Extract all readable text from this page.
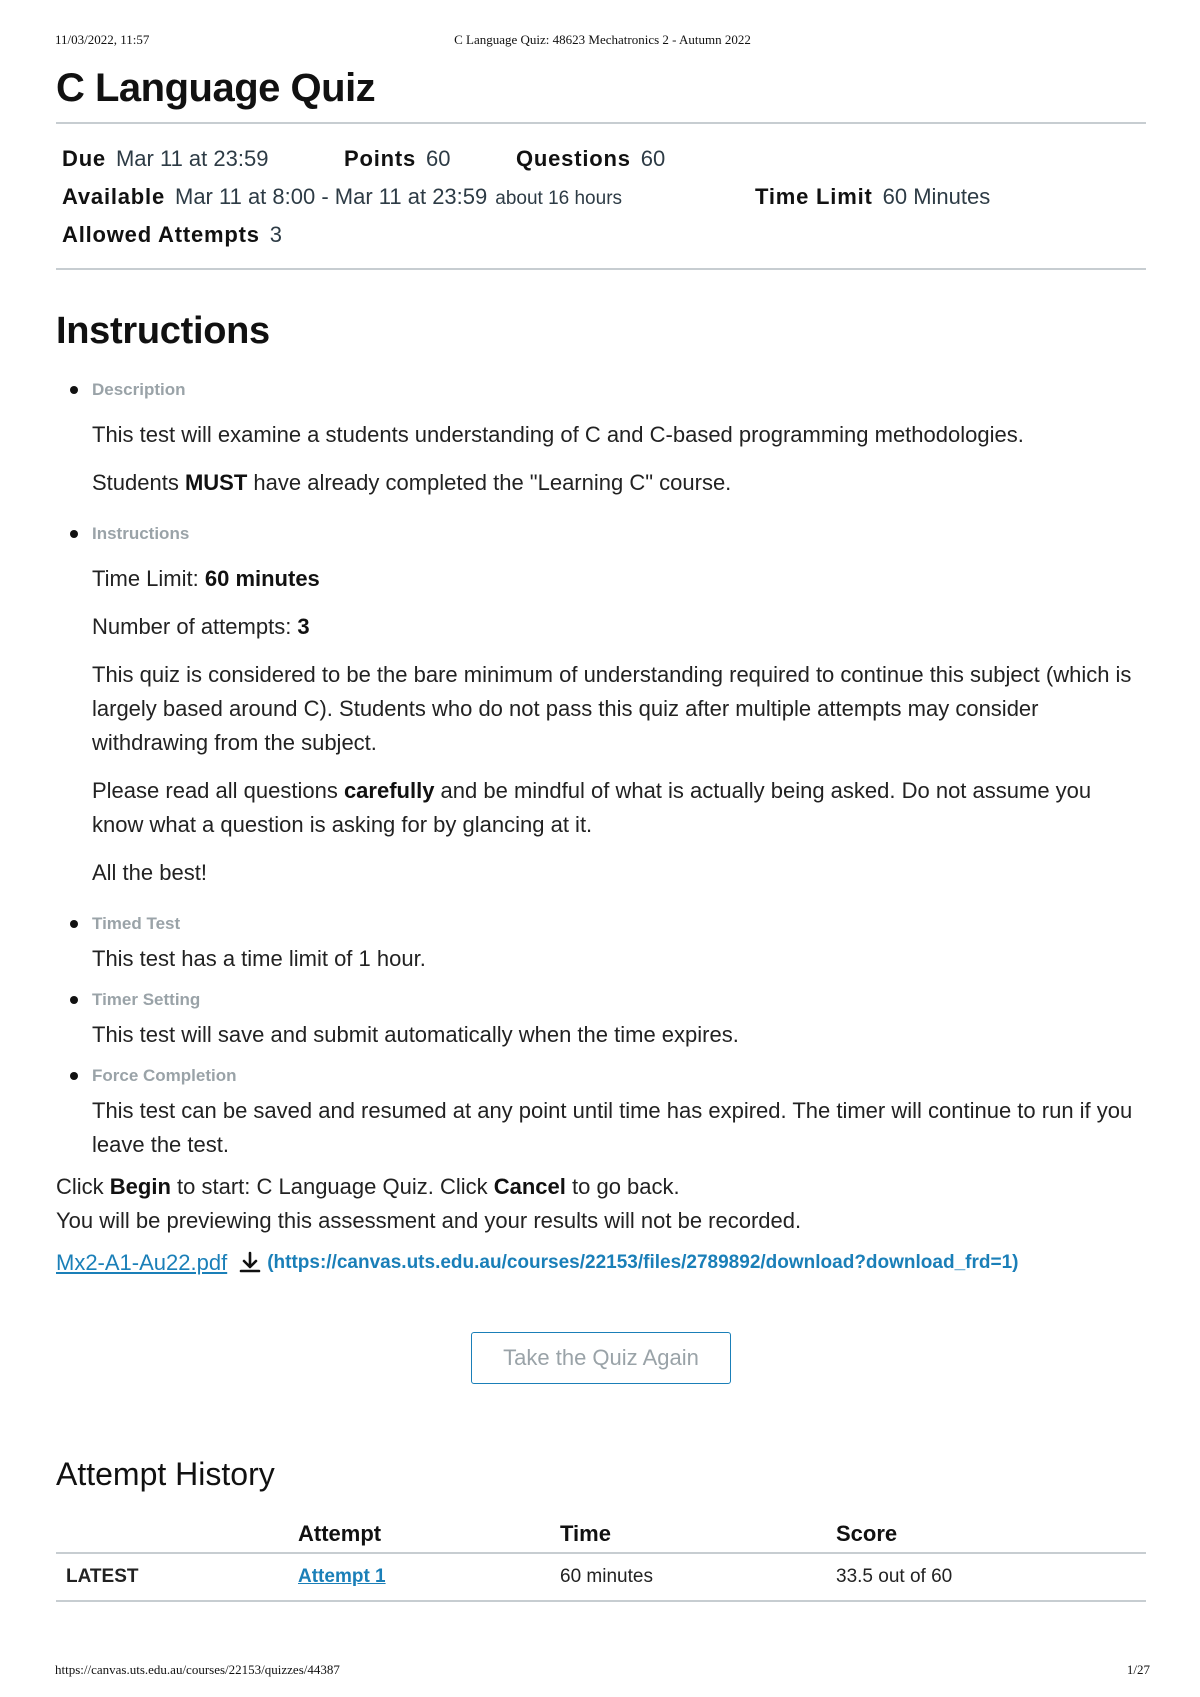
11/03/2022, 11:57	C Language Quiz: 48623 Mechatronics 2 - Autumn 2022
C Language Quiz
Due Mar 11 at 23:59	Points 60	Questions 60
Available Mar 11 at 8:00 - Mar 11 at 23:59 about 16 hours	Time Limit 60 Minutes
Allowed Attempts 3
Instructions
Description

This test will examine a students understanding of C and C-based programming methodologies.

Students MUST have already completed the "Learning C" course.

Instructions

Time Limit: 60 minutes

Number of attempts: 3

This quiz is considered to be the bare minimum of understanding required to continue this subject (which is largely based around C). Students who do not pass this quiz after multiple attempts may consider withdrawing from the subject.

Please read all questions carefully and be mindful of what is actually being asked. Do not assume you know what a question is asking for by glancing at it.

All the best!

Timed Test

This test has a time limit of 1 hour.

Timer Setting

This test will save and submit automatically when the time expires.

Force Completion

This test can be saved and resumed at any point until time has expired. The timer will continue to run if you leave the test.

Click Begin to start: C Language Quiz. Click Cancel to go back.
You will be previewing this assessment and your results will not be recorded.
Mx2-A1-Au22.pdf (https://canvas.uts.edu.au/courses/22153/files/2789892/download?download_frd=1)
Take the Quiz Again
Attempt History
	Attempt	Time	Score
LATEST	Attempt 1	60 minutes	33.5 out of 60
https://canvas.uts.edu.au/courses/22153/quizzes/44387	1/27
